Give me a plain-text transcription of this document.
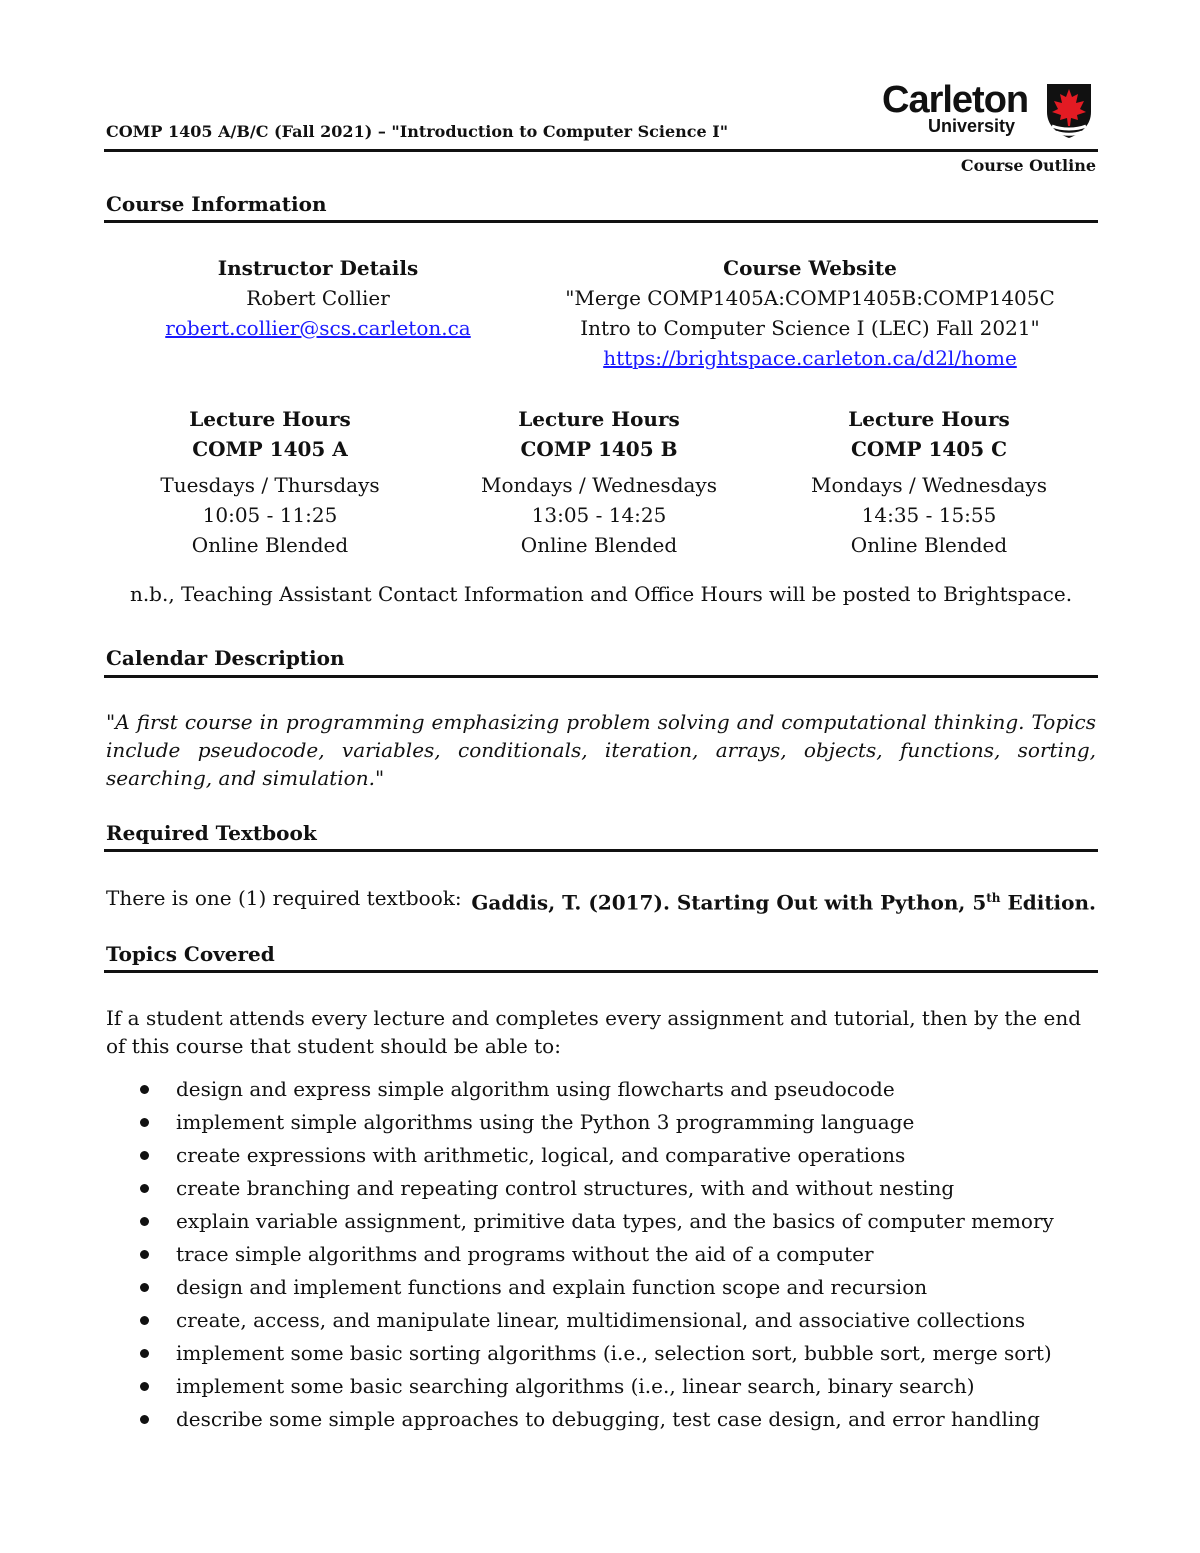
COMP 1405 A/B/C (Fall 2021) – "Introduction to Computer Science I"
Carleton
University
Course Outline
Course Information
Instructor Details
Robert Collier
robert.collier@scs.carleton.ca
Course Website
"Merge COMP1405A:COMP1405B:COMP1405C
Intro to Computer Science I (LEC) Fall 2021"
https://brightspace.carleton.ca/d2l/home
Lecture Hours
COMP 1405 A
Tuesdays / Thursdays
10:05 - 11:25
Online Blended
Lecture Hours
COMP 1405 B
Mondays / Wednesdays
13:05 - 14:25
Online Blended
Lecture Hours
COMP 1405 C
Mondays / Wednesdays
14:35 - 15:55
Online Blended
n.b., Teaching Assistant Contact Information and Office Hours will be posted to Brightspace.
Calendar Description
"A first course in programming emphasizing problem solving and computational thinking. Topics include pseudocode, variables, conditionals, iteration, arrays, objects, functions, sorting, searching, and simulation."
Required Textbook
There is one (1) required textbook: Gaddis, T. (2017). Starting Out with Python, 5th Edition.
Topics Covered
If a student attends every lecture and completes every assignment and tutorial, then by the end of this course that student should be able to:
design and express simple algorithm using flowcharts and pseudocode
implement simple algorithms using the Python 3 programming language
create expressions with arithmetic, logical, and comparative operations
create branching and repeating control structures, with and without nesting
explain variable assignment, primitive data types, and the basics of computer memory
trace simple algorithms and programs without the aid of a computer
design and implement functions and explain function scope and recursion
create, access, and manipulate linear, multidimensional, and associative collections
implement some basic sorting algorithms (i.e., selection sort, bubble sort, merge sort)
implement some basic searching algorithms (i.e., linear search, binary search)
describe some simple approaches to debugging, test case design, and error handling
